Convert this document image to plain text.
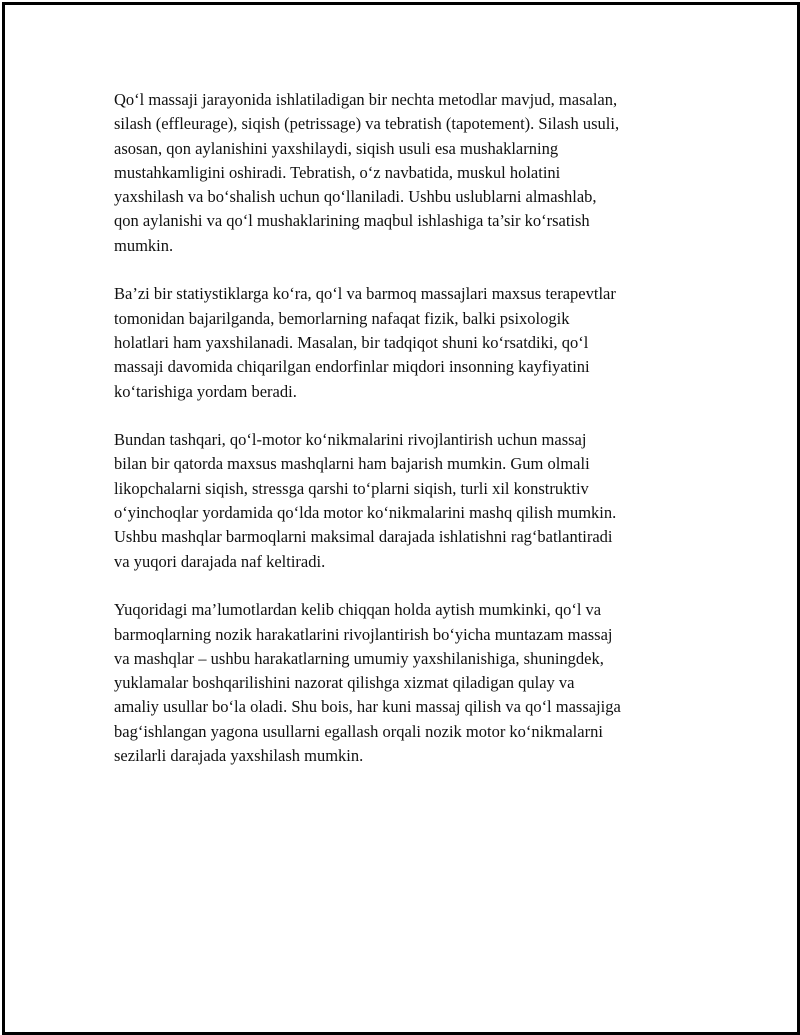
Qo‘l massaji jarayonida ishlatiladigan bir nechta metodlar mavjud, masalan,
silash (effleurage), siqish (petrissage) va tebratish (tapotement). Silash usuli,
asosan, qon aylanishini yaxshilaydi, siqish usuli esa mushaklarning
mustahkamligini oshiradi. Tebratish, o‘z navbatida, muskul holatini
yaxshilash va bo‘shalish uchun qo‘llaniladi. Ushbu uslublarni almashlab,
qon aylanishi va qo‘l mushaklarining maqbul ishlashiga ta’sir ko‘rsatish
mumkin.

Ba’zi bir statiystiklarga ko‘ra, qo‘l va barmoq massajlari maxsus terapevtlar
tomonidan bajarilganda, bemorlarning nafaqat fizik, balki psixologik
holatlari ham yaxshilanadi. Masalan, bir tadqiqot shuni ko‘rsatdiki, qo‘l
massaji davomida chiqarilgan endorfinlar miqdori insonning kayfiyatini
ko‘tarishiga yordam beradi.

Bundan tashqari, qo‘l-motor ko‘nikmalarini rivojlantirish uchun massaj
bilan bir qatorda maxsus mashqlarni ham bajarish mumkin. Gum olmali
likopchalarni siqish, stressga qarshi to‘plarni siqish, turli xil konstruktiv
o‘yinchoqlar yordamida qo‘lda motor ko‘nikmalarini mashq qilish mumkin.
Ushbu mashqlar barmoqlarni maksimal darajada ishlatishni rag‘batlantiradi
va yuqori darajada naf keltiradi.

Yuqoridagi ma’lumotlardan kelib chiqqan holda aytish mumkinki, qo‘l va
barmoqlarning nozik harakatlarini rivojlantirish bo‘yicha muntazam massaj
va mashqlar – ushbu harakatlarning umumiy yaxshilanishiga, shuningdek,
yuklamalar boshqarilishini nazorat qilishga xizmat qiladigan qulay va
amaliy usullar bo‘la oladi. Shu bois, har kuni massaj qilish va qo‘l massajiga
bag‘ishlangan yagona usullarni egallash orqali nozik motor ko‘nikmalarni
sezilarli darajada yaxshilash mumkin.
